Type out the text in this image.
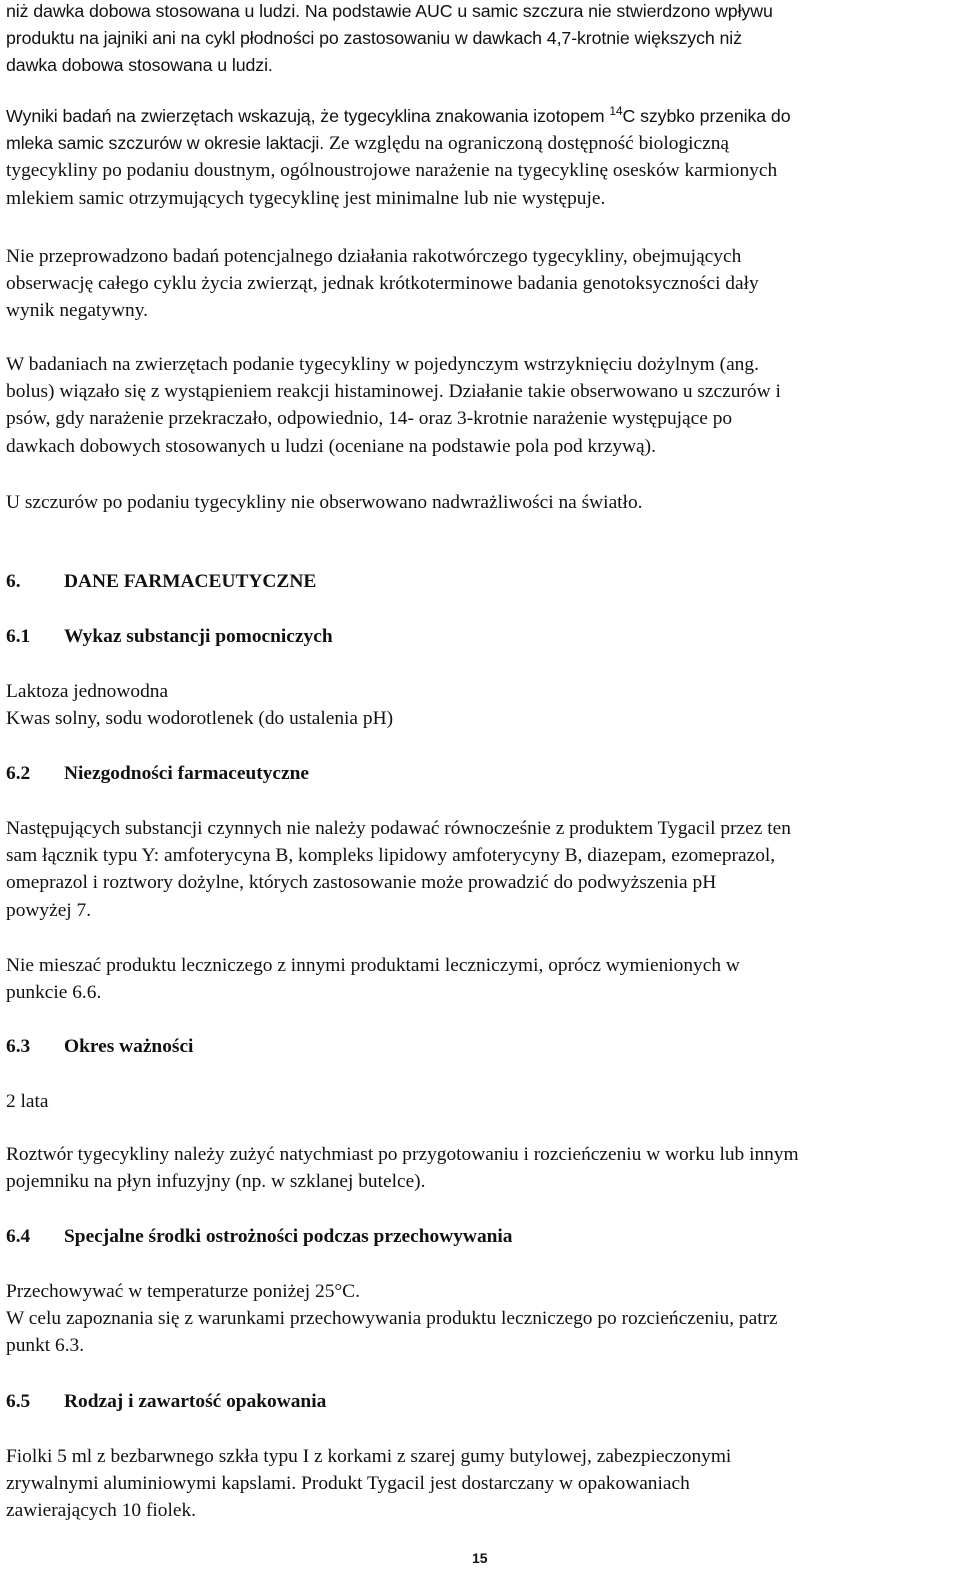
niż dawka dobowa stosowana u ludzi. Na podstawie AUC u samic szczura nie stwierdzono wpływu
produktu na jajniki ani na cykl płodności po zastosowaniu w dawkach 4,7-krotnie większych niż
dawka dobowa stosowana u ludzi.

Wyniki badań na zwierzętach wskazują, że tygecyklina znakowania izotopem $^{14}$C szybko przenika do
mleka samic szczurów w okresie laktacji. Ze względu na ograniczoną dostępność biologiczną
tygecykliny po podaniu doustnym, ogólnoustrojowe narażenie na tygecyklinę osesków karmionych
mlekiem samic otrzymujących tygecyklinę jest minimalne lub nie występuje.

Nie przeprowadzono badań potencjalnego działania rakotwórczego tygecykliny, obejmujących
obserwację całego cyklu życia zwierząt, jednak krótkoterminowe badania genotoksyczności dały
wynik negatywny.

W badaniach na zwierzętach podanie tygecykliny w pojedynczym wstrzyknięciu dożylnym (ang.
bolus) wiązało się z wystąpieniem reakcji histaminowej. Działanie takie obserwowano u szczurów i
psów, gdy narażenie przekraczało, odpowiednio, 14- oraz 3-krotnie narażenie występujące po
dawkach dobowych stosowanych u ludzi (oceniane na podstawie pola pod krzywą).

U szczurów po podaniu tygecykliny nie obserwowano nadwrażliwości na światło.

6. DANE FARMACEUTYCZNE
6.1 Wykaz substancji pomocniczych

Laktoza jednowodna
Kwas solny, sodu wodorotlenek (do ustalenia pH)

6.2 Niezgodności farmaceutyczne

Następujących substancji czynnych nie należy podawać równocześnie z produktem Tygacil przez ten
sam łącznik typu Y: amfoterycyna B, kompleks lipidowy amfoterycyny B, diazepam, ezomeprazol,
omeprazol i roztwory dożylne, których zastosowanie może prowadzić do podwyższenia pH
powyżej 7.

Nie mieszać produktu leczniczego z innymi produktami leczniczymi, oprócz wymienionych w
punkcie 6.6.

6.3 Okres ważności

2 lata

Roztwór tygecykliny należy zużyć natychmiast po przygotowaniu i rozcieńczeniu w worku lub innym
pojemniku na płyn infuzyjny (np. w szklanej butelce).

6.4 Specjalne środki ostrożności podczas przechowywania

Przechowywać w temperaturze poniżej 25°C.
W celu zapoznania się z warunkami przechowywania produktu leczniczego po rozcieńczeniu, patrz
punkt 6.3.

6.5 Rodzaj i zawartość opakowania

Fiolki 5 ml z bezbarwnego szkła typu I z korkami z szarej gumy butylowej, zabezpieczonymi
zrywalnymi aluminiowymi kapslami. Produkt Tygacil jest dostarczany w opakowaniach
zawierających 10 fiolek.

15
